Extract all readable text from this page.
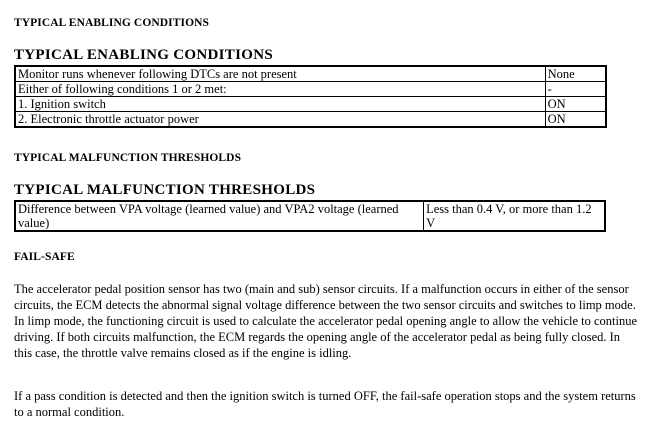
TYPICAL ENABLING CONDITIONS
TYPICAL ENABLING CONDITIONS
Monitor runs whenever following DTCs are not present	None
Either of following conditions 1 or 2 met:	-
1. Ignition switch	ON
2. Electronic throttle actuator power	ON
TYPICAL MALFUNCTION THRESHOLDS
TYPICAL MALFUNCTION THRESHOLDS
Difference between VPA voltage (learned value) and VPA2 voltage (learned value)	Less than 0.4 V, or more than 1.2 V
FAIL-SAFE

The accelerator pedal position sensor has two (main and sub) sensor circuits. If a malfunction occurs in either of the sensor circuits, the ECM detects the abnormal signal voltage difference between the two sensor circuits and switches to limp mode. In limp mode, the functioning circuit is used to calculate the accelerator pedal opening angle to allow the vehicle to continue driving. If both circuits malfunction, the ECM regards the opening angle of the accelerator pedal as being fully closed. In this case, the throttle valve remains closed as if the engine is idling.

If a pass condition is detected and then the ignition switch is turned OFF, the fail-safe operation stops and the system returns to a normal condition.
